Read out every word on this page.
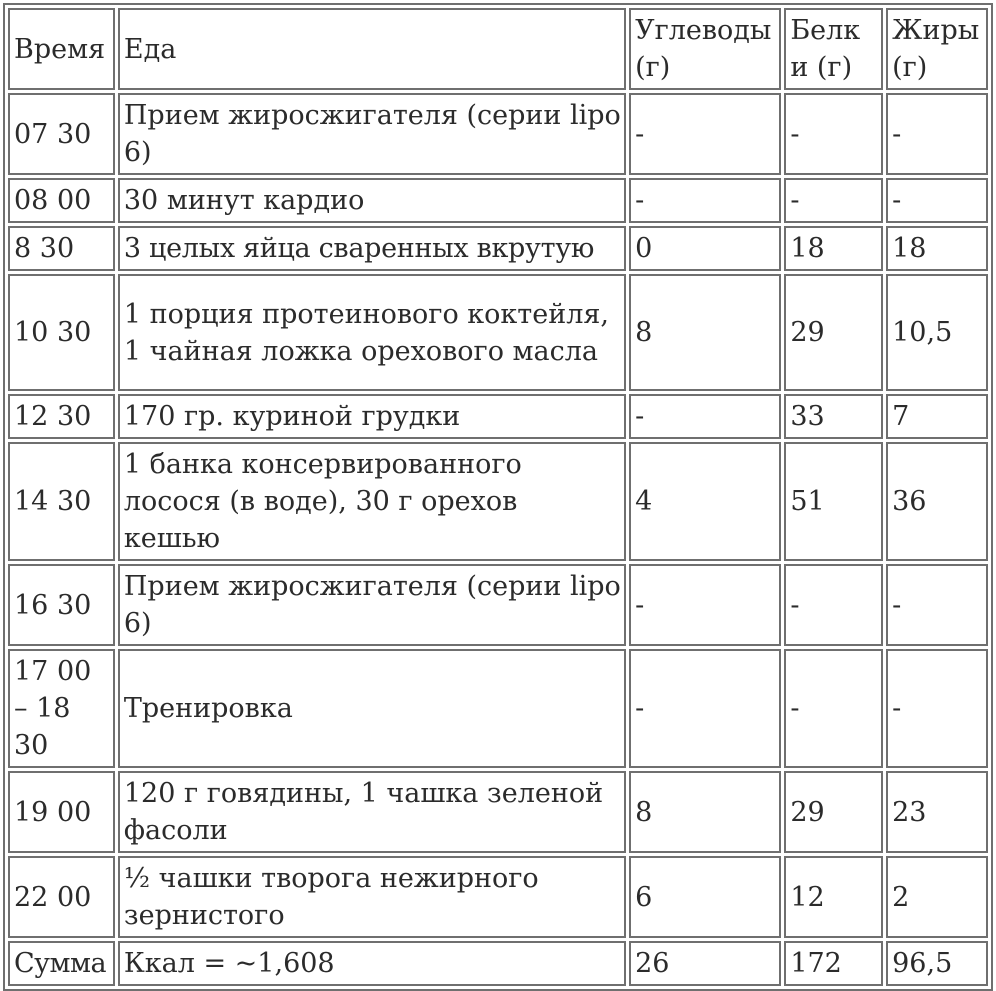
Время	Еда	Углеводы (г)	Белки (г)	Жиры (г)
07 30	Прием жиросжигателя (серии lipo 6)	-	-	-
08 00	30 минут кардио	-	-	-
8 30	3 целых яйца сваренных вкрутую	0	18	18
10 30	1 порция протеинового коктейля, 1 чайная ложка орехового масла	8	29	10,5
12 30	170 гр. куриной грудки	-	33	7
14 30	1 банка консервированного лосося (в воде), 30 г орехов кешью	4	51	36
16 30	Прием жиросжигателя (серии lipo 6)	-	-	-
17 00 – 18 30	Тренировка	-	-	-
19 00	120 г говядины, 1 чашка зеленой фасоли	8	29	23
22 00	½ чашки творога нежирного зернистого	6	12	2
Сумма	Ккал = ~1,608	26	172	96,5
